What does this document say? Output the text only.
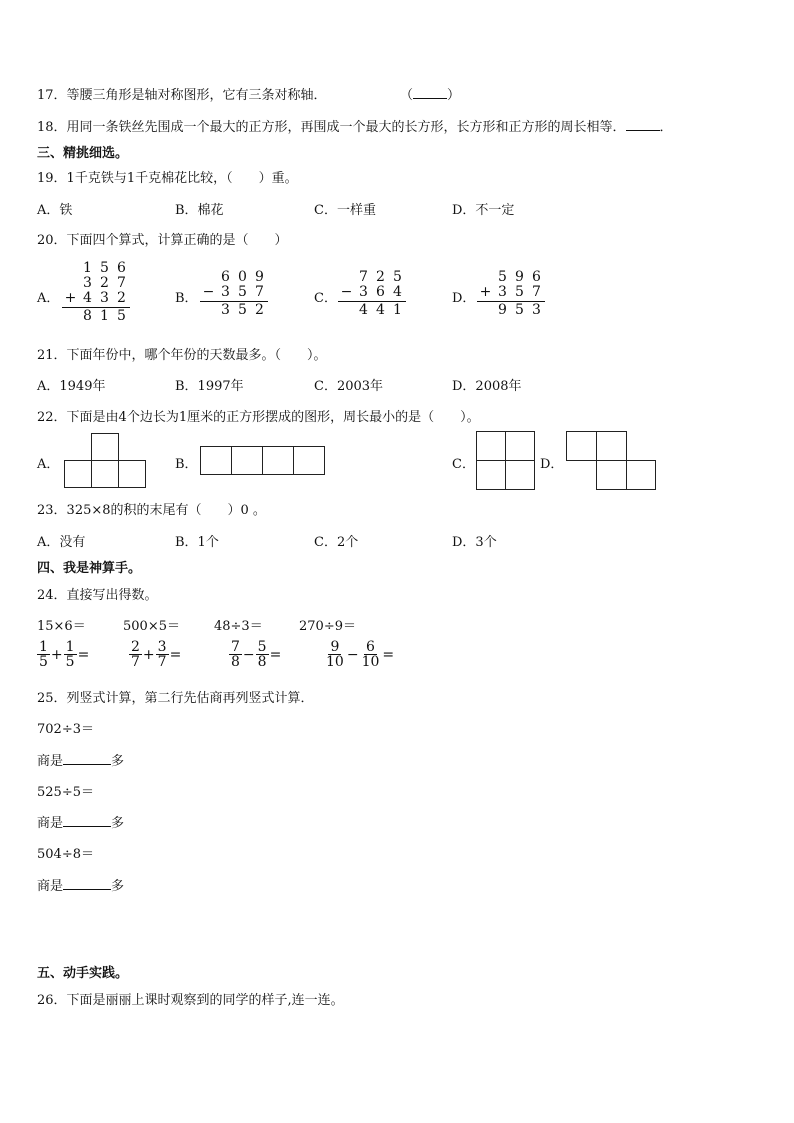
17．等腰三角形是轴对称图形，它有三条对称轴．	（	）
18．用同一条铁丝先围成一个最大的正方形，再围成一个最大的长方形，长方形和正方形的周长相等．	．
三、精挑细选。
19．1千克铁与1千克棉花比较，（　　）重。
A．铁	B．棉花	C．一样重	D．不一定
20．下面四个算式，计算正确的是（　　）
A．
1 5 6
3 2 7
+ 4 3 2
8 1 5
B．
6 0 9
− 3 5 7
3 5 2
C．
7 2 5
− 3 6 4
4 4 1
D．
5 9 6
+ 3 5 7
9 5 3
21．下面年份中，哪个年份的天数最多。（　　）。
A．1949年	B．1997年	C．2003年	D．2008年
22．下面是由4个边长为1厘米的正方形摆成的图形，周长最小的是（　　）。
A．	B．	C．	D．
23．325×8的积的末尾有（　　）0 。
A．没有	B．1个	C．2个	D．3个
四、我是神算手。
24．直接写出得数。
15×6＝	500×5＝	48÷3＝	270÷9＝
1
$5 + \frac{1}{5}$ =	2
$7 + \frac{3}{7}$ =	7
$8 - \frac{5}{8}$ =	9
$10 - \frac{6}{10}$ =
25．列竖式计算，第二行先估商再列竖式计算．
702÷3＝
商是	多
525÷5＝
商是	多
504÷8＝
商是	多
五、动手实践。
26．下面是丽丽上课时观察到的同学的样子,连一连。
